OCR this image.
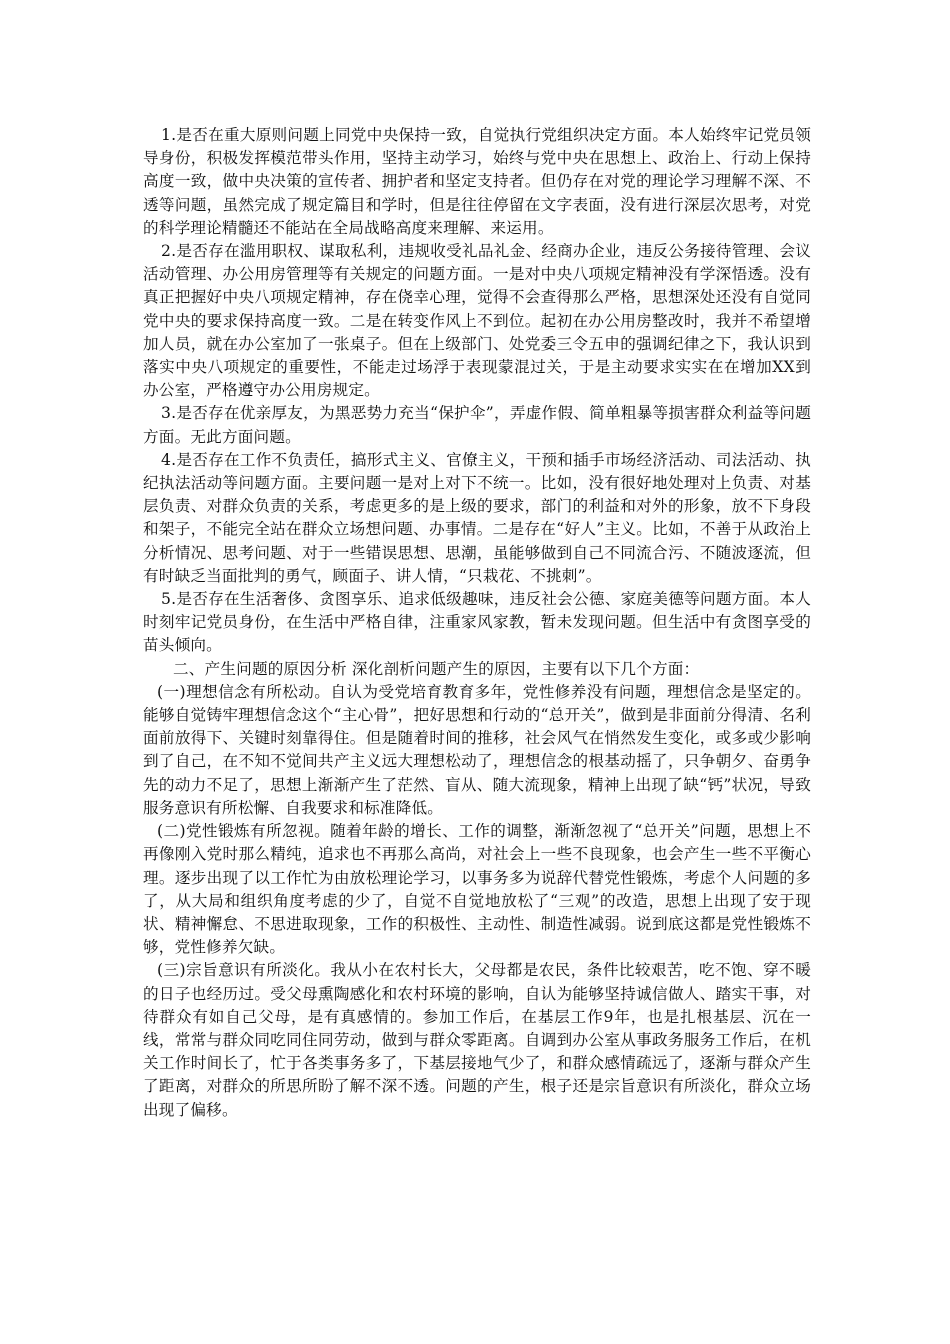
1.是否在重大原则问题上同党中央保持一致，自觉执行党组织决定方面。本人始终牢记党员领导身份，积极发挥模范带头作用，坚持主动学习，始终与党中央在思想上、政治上、行动上保持高度一致，做中央决策的宣传者、拥护者和坚定支持者。但仍存在对党的理论学习理解不深、不透等问题，虽然完成了规定篇目和学时，但是往往停留在文字表面，没有进行深层次思考，对党的科学理论精髓还不能站在全局战略高度来理解、来运用。

2.是否存在滥用职权、谋取私利，违规收受礼品礼金、经商办企业，违反公务接待管理、会议活动管理、办公用房管理等有关规定的问题方面。一是对中央八项规定精神没有学深悟透。没有真正把握好中央八项规定精神，存在侥幸心理，觉得不会查得那么严格，思想深处还没有自觉同党中央的要求保持高度一致。二是在转变作风上不到位。起初在办公用房整改时，我并不希望增加人员，就在办公室加了一张桌子。但在上级部门、处党委三令五申的强调纪律之下，我认识到落实中央八项规定的重要性，不能走过场浮于表现蒙混过关，于是主动要求实实在在增加XX到办公室，严格遵守办公用房规定。

3.是否存在优亲厚友，为黑恶势力充当“保护伞”，弄虚作假、简单粗暴等损害群众利益等问题方面。无此方面问题。

4.是否存在工作不负责任，搞形式主义、官僚主义，干预和插手市场经济活动、司法活动、执纪执法活动等问题方面。主要问题一是对上对下不统一。比如，没有很好地处理对上负责、对基层负责、对群众负责的关系，考虑更多的是上级的要求，部门的利益和对外的形象，放不下身段和架子，不能完全站在群众立场想问题、办事情。二是存在“好人”主义。比如，不善于从政治上分析情况、思考问题、对于一些错误思想、思潮，虽能够做到自己不同流合污、不随波逐流，但有时缺乏当面批判的勇气，顾面子、讲人情，“只栽花、不挑刺”。

5.是否存在生活奢侈、贪图享乐、追求低级趣味，违反社会公德、家庭美德等问题方面。本人时刻牢记党员身份，在生活中严格自律，注重家风家教，暂未发现问题。但生活中有贪图享受的苗头倾向。

二、产生问题的原因分析 深化剖析问题产生的原因，主要有以下几个方面：

(一)理想信念有所松动。自认为受党培育教育多年，党性修养没有问题，理想信念是坚定的。能够自觉铸牢理想信念这个“主心骨”，把好思想和行动的“总开关”，做到是非面前分得清、名利面前放得下、关键时刻靠得住。但是随着时间的推移，社会风气在悄然发生变化，或多或少影响到了自己，在不知不觉间共产主义远大理想松动了，理想信念的根基动摇了，只争朝夕、奋勇争先的动力不足了，思想上渐渐产生了茫然、盲从、随大流现象，精神上出现了缺“钙”状况，导致服务意识有所松懈、自我要求和标准降低。

(二)党性锻炼有所忽视。随着年龄的增长、工作的调整，渐渐忽视了“总开关”问题，思想上不再像刚入党时那么精纯，追求也不再那么高尚，对社会上一些不良现象，也会产生一些不平衡心理。逐步出现了以工作忙为由放松理论学习，以事务多为说辞代替党性锻炼，考虑个人问题的多了，从大局和组织角度考虑的少了，自觉不自觉地放松了“三观”的改造，思想上出现了安于现状、精神懈怠、不思进取现象，工作的积极性、主动性、制造性减弱。说到底这都是党性锻炼不够，党性修养欠缺。

(三)宗旨意识有所淡化。我从小在农村长大，父母都是农民，条件比较艰苦，吃不饱、穿不暖的日子也经历过。受父母熏陶感化和农村环境的影响，自认为能够坚持诚信做人、踏实干事，对待群众有如自己父母，是有真感情的。参加工作后，在基层工作9年，也是扎根基层、沉在一线，常常与群众同吃同住同劳动，做到与群众零距离。自调到办公室从事政务服务工作后，在机关工作时间长了，忙于各类事务多了，下基层接地气少了，和群众感情疏远了，逐渐与群众产生了距离，对群众的所思所盼了解不深不透。问题的产生，根子还是宗旨意识有所淡化，群众立场出现了偏移。
